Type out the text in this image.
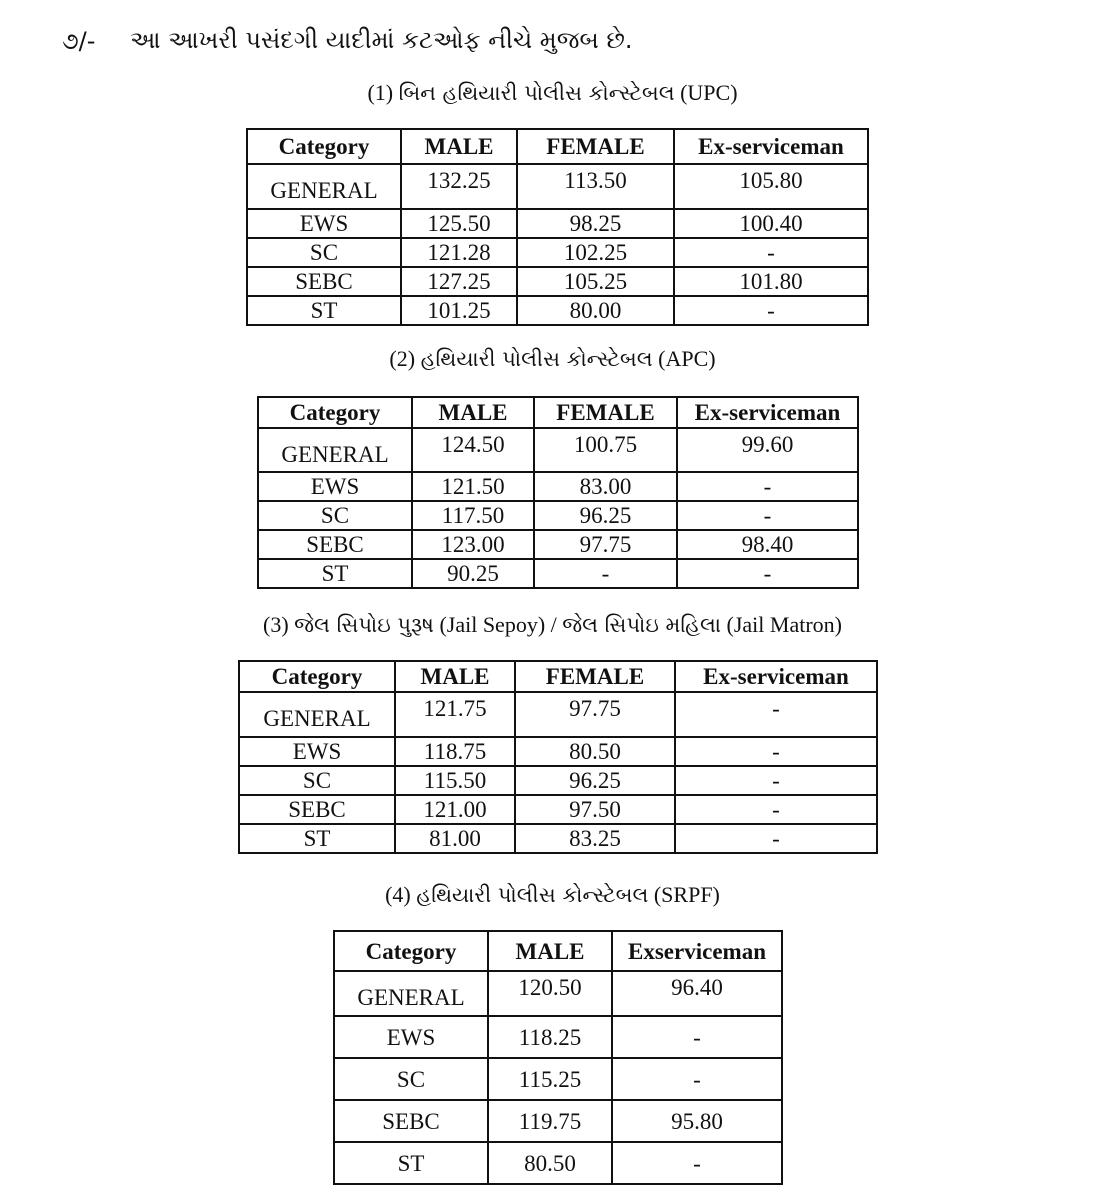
૭/- આ આખરી પસંદગી યાદીમાં કટઓફ નીચે મુજબ છે.
(1) બિન હથિયારી પોલીસ કોન્સ્ટેબલ (UPC)
Category	MALE	FEMALE	Ex-serviceman
GENERAL	132.25	113.50	105.80
EWS	125.50	98.25	100.40
SC	121.28	102.25	-
SEBC	127.25	105.25	101.80
ST	101.25	80.00	-
(2) હથિયારી પોલીસ કોન્સ્ટેબલ (APC)
Category	MALE	FEMALE	Ex-serviceman
GENERAL	124.50	100.75	99.60
EWS	121.50	83.00	-
SC	117.50	96.25	-
SEBC	123.00	97.75	98.40
ST	90.25	-	-
(3) જેલ સિપોઇ પુરૂષ (Jail Sepoy) / જેલ સિપોઇ મહિલા (Jail Matron)
Category	MALE	FEMALE	Ex-serviceman
GENERAL	121.75	97.75	-
EWS	118.75	80.50	-
SC	115.50	96.25	-
SEBC	121.00	97.50	-
ST	81.00	83.25	-
(4) હથિયારી પોલીસ કોન્સ્ટેબલ (SRPF)
Category	MALE	Exserviceman
GENERAL	120.50	96.40
EWS	118.25	-
SC	115.25	-
SEBC	119.75	95.80
ST	80.50	-
